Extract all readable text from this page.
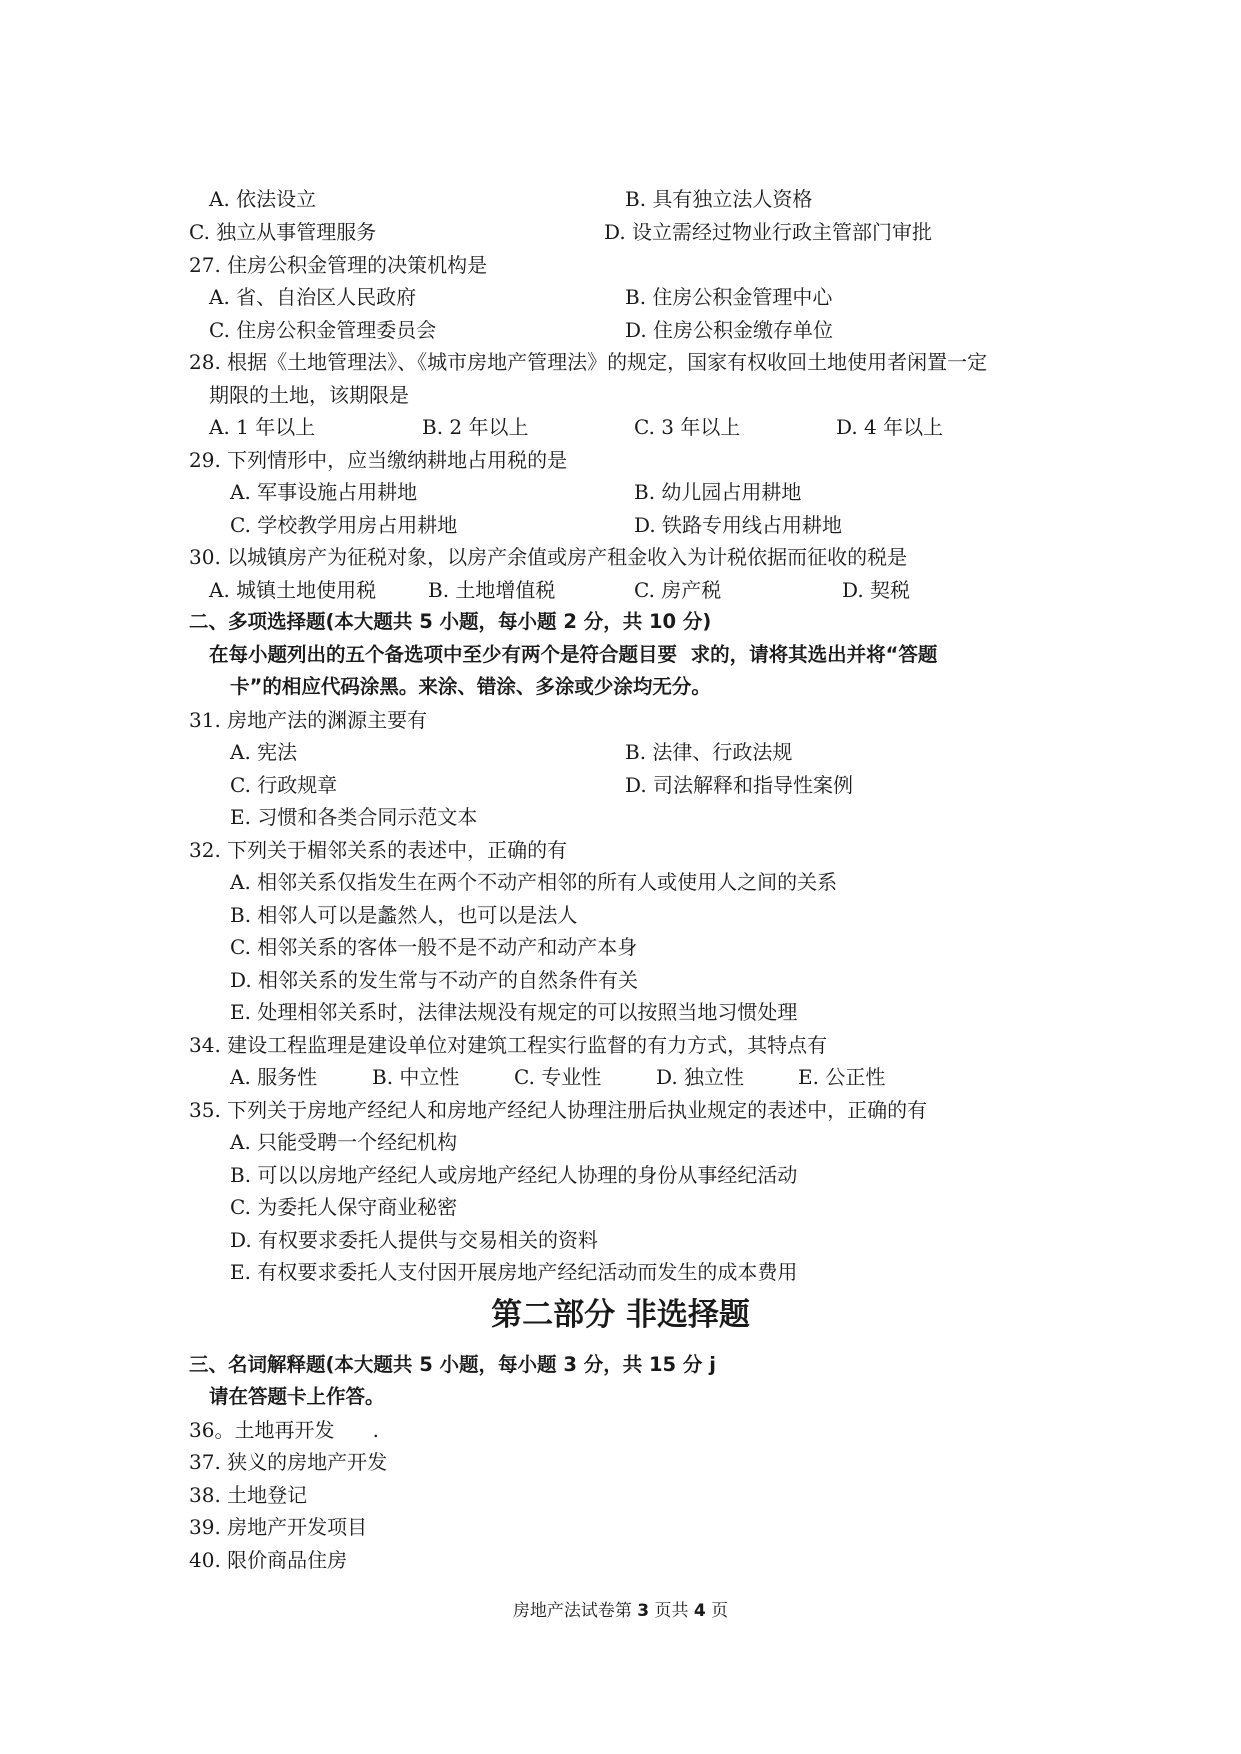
A. 依法设立	B. 具有独立法人资格
C. 独立从事管理服务	D. 设立需经过物业行政主管部门审批
27. 住房公积金管理的决策机构是
A. 省、自治区人民政府	B. 住房公积金管理中心
C. 住房公积金管理委员会	D. 住房公积金缴存单位
28. 根据《土地管理法》、《城市房地产管理法》的规定，国家有权收回土地使用者闲置一定
期限的土地，该期限是
A. 1 年以上	B. 2 年以上	C. 3 年以上	D. 4 年以上
29. 下列情形中，应当缴纳耕地占用税的是
A. 军事设施占用耕地	B. 幼儿园占用耕地
C. 学校教学用房占用耕地	D. 铁路专用线占用耕地
30. 以城镇房产为征税对象，以房产余值或房产租金收入为计税依据而征收的税是
A. 城镇土地使用税	B. 土地增值税	C. 房产税	D. 契税
二、多项选择题(本大题共 5 小题，每小题 2 分，共 10 分)
在每小题列出的五个备选项中至少有两个是符合题目要  求的，请将其选出并将“答题
卡”的相应代码涂黑。来涂、错涂、多涂或少涂均无分。
31. 房地产法的渊源主要有
A. 宪法	B. 法律、行政法规
C. 行政规章	D. 司法解释和指导性案例
E. 习惯和各类合同示范文本
32. 下列关于楣邻关系的表述中，正确的有
A. 相邻关系仅指发生在两个不动产相邻的所有人或使用人之间的关系
B. 相邻人可以是蠡然人，也可以是法人
C. 相邻关系的客体一般不是不动产和动产本身
D. 相邻关系的发生常与不动产的自然条件有关
E. 处理相邻关系时，法律法规没有规定的可以按照当地习惯处理
34. 建设工程监理是建设单位对建筑工程实行监督的有力方式，其特点有
A. 服务性	B. 中立性	C. 专业性	D. 独立性	E. 公正性
35. 下列关于房地产经纪人和房地产经纪人协理注册后执业规定的表述中，正确的有
A. 只能受聘一个经纪机构
B. 可以以房地产经纪人或房地产经纪人协理的身份从事经纪活动
C. 为委托人保守商业秘密
D. 有权要求委托人提供与交易相关的资料
E. 有权要求委托人支付因开展房地产经纪活动而发生的成本费用
第二部分 非选择题
三、名词解释题(本大题共 5 小题，每小题 3 分，共 15 分 j
请在答题卡上作答。
36。土地再开发      .
37. 狭义的房地产开发
38. 土地登记
39. 房地产开发项目
40. 限价商品住房
房地产法试卷第 3 页共 4 页
